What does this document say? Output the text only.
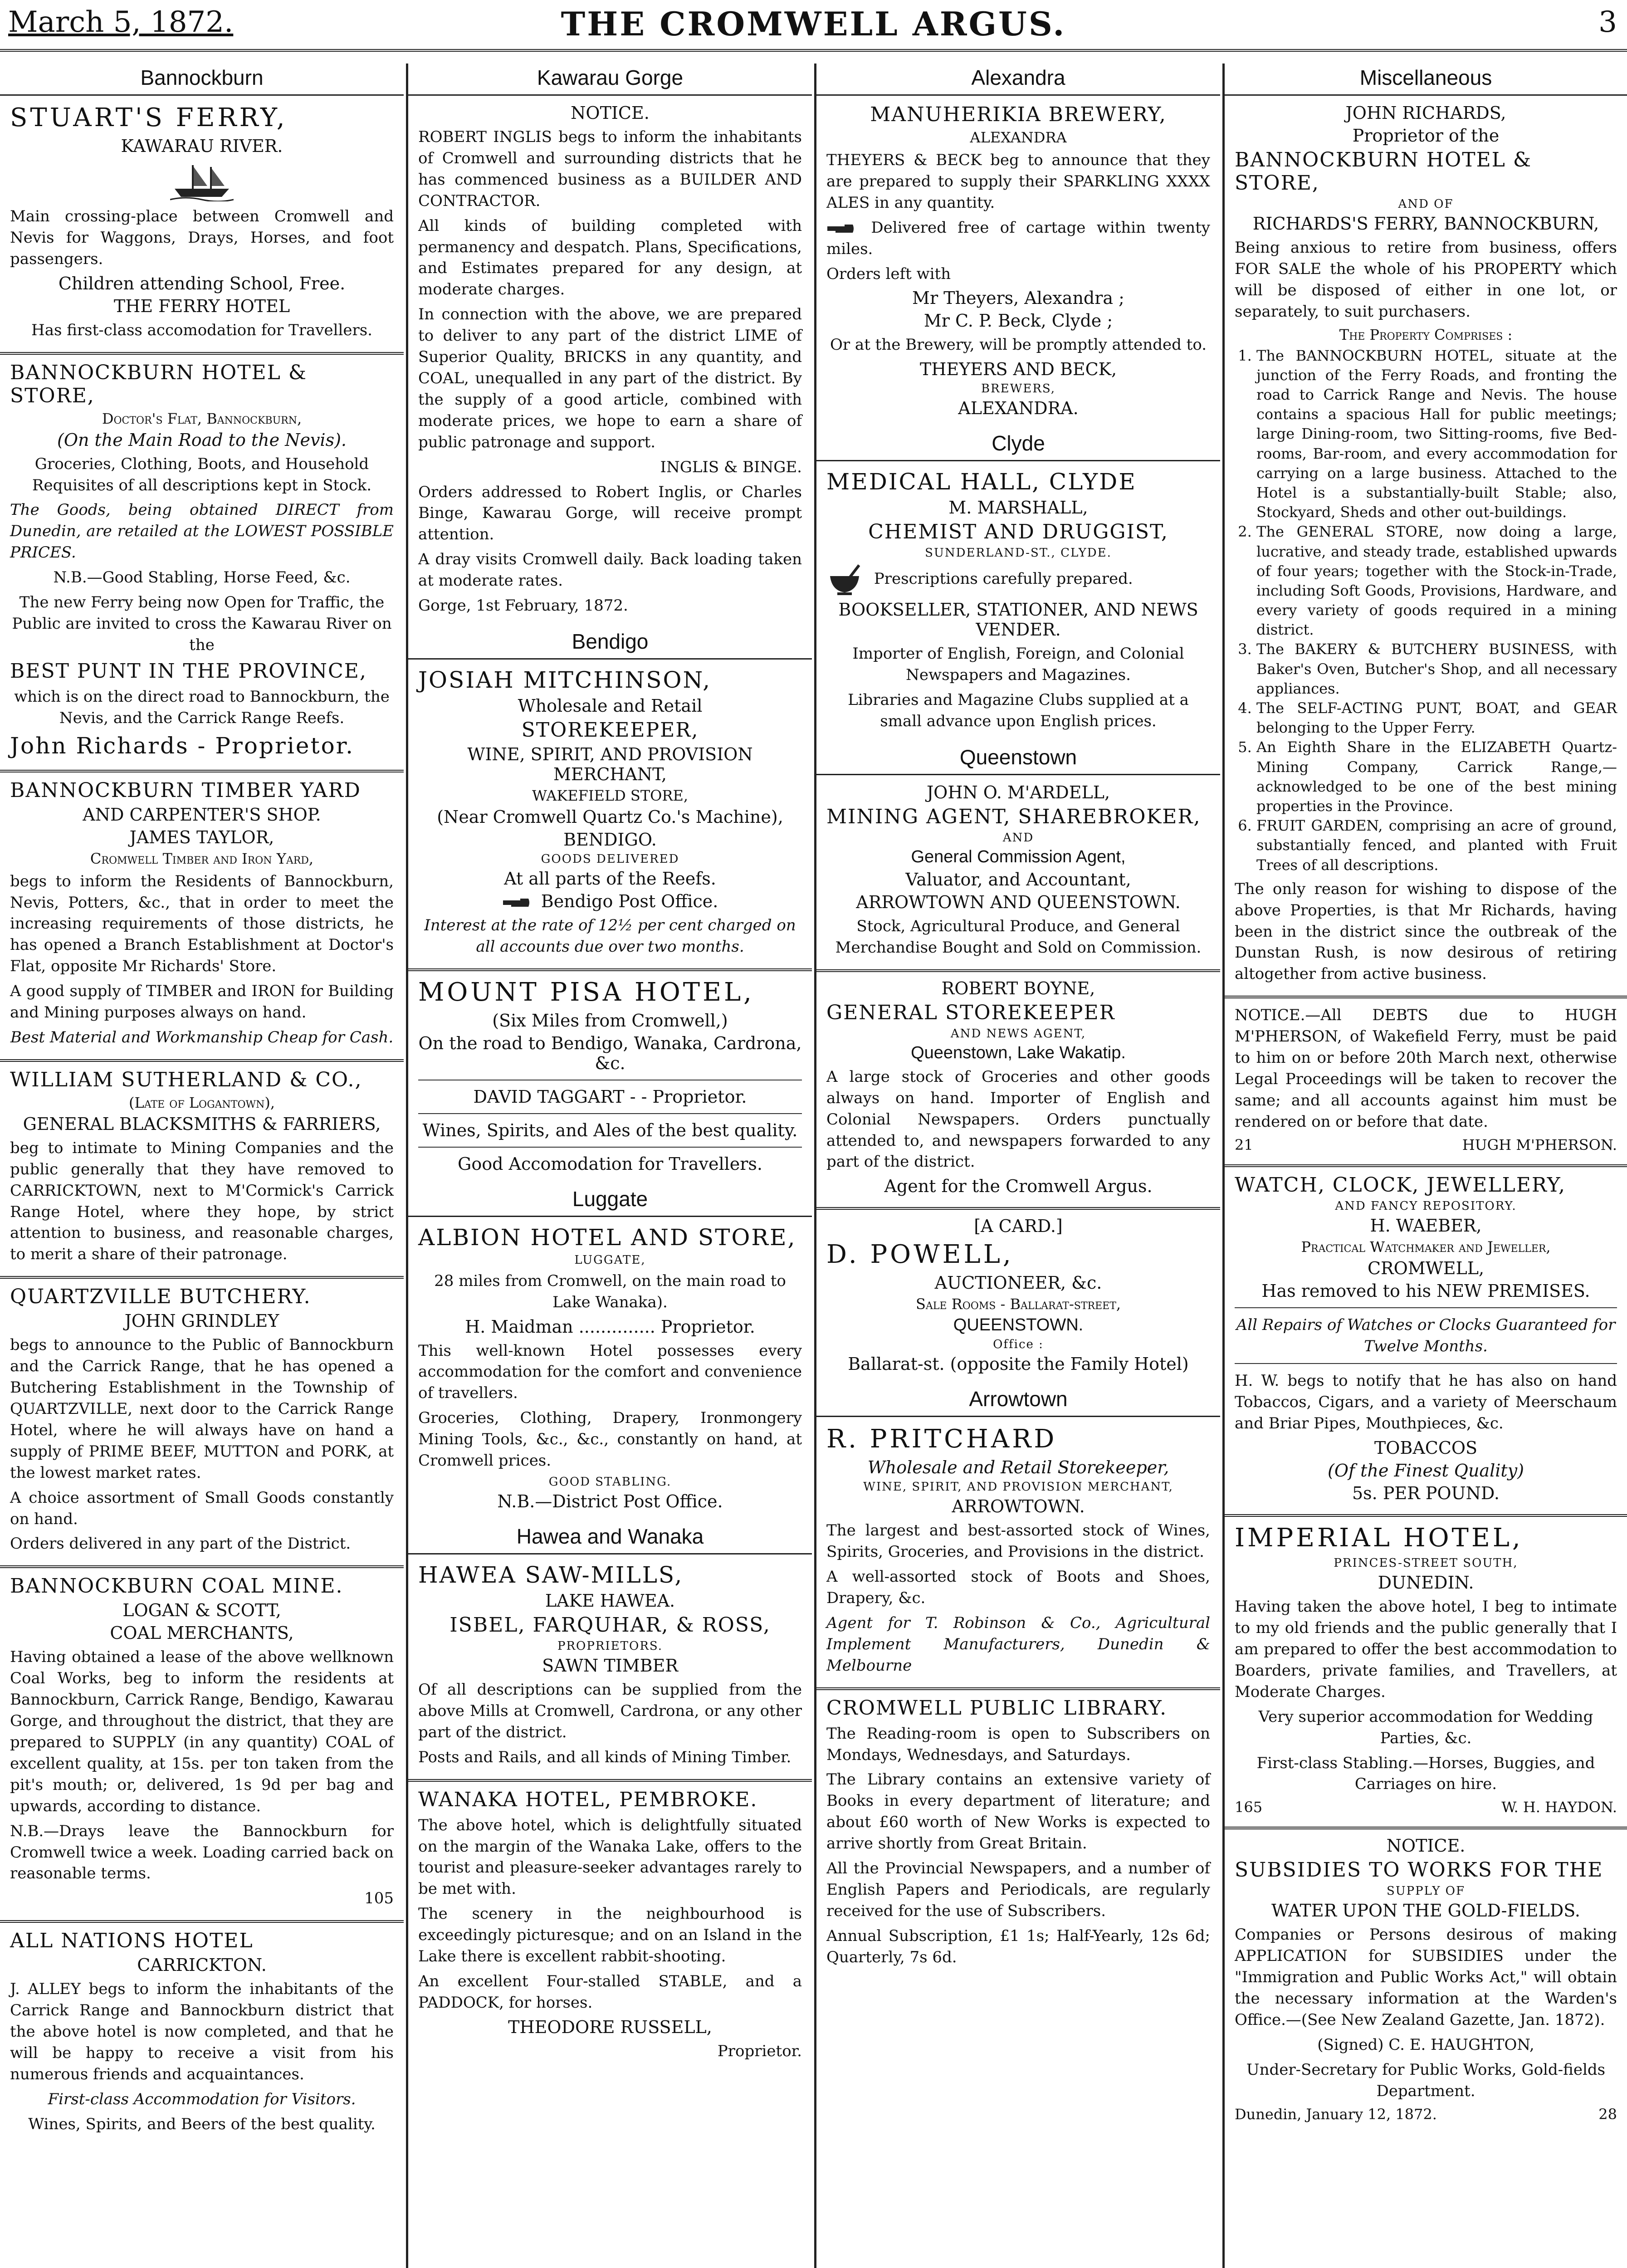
March 5, 1872.	THE CROMWELL ARGUS.	3
Bannockburn
STUART'S FERRY,
KAWARAU RIVER.
Main crossing-place between Cromwell and Nevis for Waggons, Drays, Horses, and foot passengers.
Children attending School, Free.
THE FERRY HOTEL
Has first-class accomodation for Travellers.
BANNOCKBURN HOTEL & STORE,
Doctor's Flat, Bannockburn,
(On the Main Road to the Nevis).
Groceries, Clothing, Boots, and Household Requisites of all descriptions kept in Stock.
The Goods, being obtained DIRECT from Dunedin, are retailed at the LOWEST POSSIBLE PRICES.
N.B.—Good Stabling, Horse Feed, &c.
The new Ferry being now Open for Traffic, the Public are invited to cross the Kawarau River on the
BEST PUNT IN THE PROVINCE,
which is on the direct road to Bannockburn, the Nevis, and the Carrick Range Reefs.
John Richards - Proprietor.
BANNOCKBURN TIMBER YARD
AND CARPENTER'S SHOP.
JAMES TAYLOR,
Cromwell Timber and Iron Yard,
begs to inform the Residents of Bannockburn, Nevis, Potters, &c., that in order to meet the increasing requirements of those districts, he has opened a Branch Establishment at Doctor's Flat, opposite Mr Richards' Store.
A good supply of TIMBER and IRON for Building and Mining purposes always on hand.
Best Material and Workmanship Cheap for Cash.
WILLIAM SUTHERLAND & CO.,
(Late of Logantown),
GENERAL BLACKSMITHS & FARRIERS,
beg to intimate to Mining Companies and the public generally that they have removed to CARRICKTOWN, next to M'Cormick's Carrick Range Hotel, where they hope, by strict attention to business, and reasonable charges, to merit a share of their patronage.
QUARTZVILLE BUTCHERY.
JOHN GRINDLEY
begs to announce to the Public of Bannockburn and the Carrick Range, that he has opened a Butchering Establishment in the Township of QUARTZVILLE, next door to the Carrick Range Hotel, where he will always have on hand a supply of PRIME BEEF, MUTTON and PORK, at the lowest market rates.
A choice assortment of Small Goods constantly on hand.
Orders delivered in any part of the District.
BANNOCKBURN COAL MINE.
LOGAN & SCOTT,
COAL MERCHANTS,
Having obtained a lease of the above wellknown Coal Works, beg to inform the residents at Bannockburn, Carrick Range, Bendigo, Kawarau Gorge, and throughout the district, that they are prepared to SUPPLY (in any quantity) COAL of excellent quality, at 15s. per ton taken from the pit's mouth; or, delivered, 1s 9d per bag and upwards, according to distance.
N.B.—Drays leave the Bannockburn for Cromwell twice a week. Loading carried back on reasonable terms.
105
ALL NATIONS HOTEL
CARRICKTON.
J. ALLEY begs to inform the inhabitants of the Carrick Range and Bannockburn district that the above hotel is now completed, and that he will be happy to receive a visit from his numerous friends and acquaintances.
First-class Accommodation for Visitors.
Wines, Spirits, and Beers of the best quality.
Kawarau Gorge
NOTICE.
ROBERT INGLIS begs to inform the inhabitants of Cromwell and surrounding districts that he has commenced business as a BUILDER AND CONTRACTOR.
All kinds of building completed with permanency and despatch. Plans, Specifications, and Estimates prepared for any design, at moderate charges.
In connection with the above, we are prepared to deliver to any part of the district LIME of Superior Quality, BRICKS in any quantity, and COAL, unequalled in any part of the district. By the supply of a good article, combined with moderate prices, we hope to earn a share of public patronage and support.
INGLIS & BINGE.
Orders addressed to Robert Inglis, or Charles Binge, Kawarau Gorge, will receive prompt attention.
A dray visits Cromwell daily. Back loading taken at moderate rates.
Gorge, 1st February, 1872.
Bendigo
JOSIAH MITCHINSON,
Wholesale and Retail
STOREKEEPER,
WINE, SPIRIT, AND PROVISION MERCHANT,
WAKEFIELD STORE,
(Near Cromwell Quartz Co.'s Machine),
BENDIGO.
GOODS DELIVERED
At all parts of the Reefs.
Bendigo Post Office.
Interest at the rate of 12½ per cent charged on all accounts due over two months.
MOUNT PISA HOTEL,
(Six Miles from Cromwell,)
On the road to Bendigo, Wanaka, Cardrona, &c.
DAVID TAGGART - - Proprietor.
Wines, Spirits, and Ales of the best quality.
Good Accomodation for Travellers.
Luggate
ALBION HOTEL AND STORE,
LUGGATE,
28 miles from Cromwell, on the main road to Lake Wanaka).
H. Maidman .............. Proprietor.
This well-known Hotel possesses every accommodation for the comfort and convenience of travellers.
Groceries, Clothing, Drapery, Ironmongery Mining Tools, &c., &c., constantly on hand, at Cromwell prices.
GOOD STABLING.
N.B.—District Post Office.
Hawea and Wanaka
HAWEA SAW-MILLS,
LAKE HAWEA.
ISBEL, FARQUHAR, & ROSS,
PROPRIETORS.
SAWN TIMBER
Of all descriptions can be supplied from the above Mills at Cromwell, Cardrona, or any other part of the district.
Posts and Rails, and all kinds of Mining Timber.
WANAKA HOTEL, PEMBROKE.
The above hotel, which is delightfully situated on the margin of the Wanaka Lake, offers to the tourist and pleasure-seeker advantages rarely to be met with.
The scenery in the neighbourhood is exceedingly picturesque; and on an Island in the Lake there is excellent rabbit-shooting.
An excellent Four-stalled STABLE, and a PADDOCK, for horses.
THEODORE RUSSELL,
Proprietor.
Alexandra
MANUHERIKIA BREWERY,
ALEXANDRA
THEYERS & BECK beg to announce that they are prepared to supply their SPARKLING XXXX ALES in any quantity.
Delivered free of cartage within twenty miles.
Orders left with
Mr Theyers, Alexandra ;
Mr C. P. Beck, Clyde ;
Or at the Brewery, will be promptly attended to.
THEYERS AND BECK,
BREWERS,
ALEXANDRA.
Clyde
MEDICAL HALL, CLYDE
M. MARSHALL,
CHEMIST AND DRUGGIST,
SUNDERLAND-ST., CLYDE.
Prescriptions carefully prepared.
BOOKSELLER, STATIONER, AND NEWS VENDER.
Importer of English, Foreign, and Colonial Newspapers and Magazines.
Libraries and Magazine Clubs supplied at a small advance upon English prices.
Queenstown
JOHN O. M'ARDELL,
MINING AGENT, SHAREBROKER,
AND
General Commission Agent,
Valuator, and Accountant,
ARROWTOWN AND QUEENSTOWN.
Stock, Agricultural Produce, and General Merchandise Bought and Sold on Commission.
ROBERT BOYNE,
GENERAL STOREKEEPER
AND NEWS AGENT,
Queenstown, Lake Wakatip.
A large stock of Groceries and other goods always on hand. Importer of English and Colonial Newspapers. Orders punctually attended to, and newspapers forwarded to any part of the district.
Agent for the Cromwell Argus.
[A CARD.]
D. POWELL,
AUCTIONEER, &c.
Sale Rooms - Ballarat-street,
QUEENSTOWN.
Office :
Ballarat-st. (opposite the Family Hotel)
Arrowtown
R. PRITCHARD
Wholesale and Retail Storekeeper,
WINE, SPIRIT, AND PROVISION MERCHANT,
ARROWTOWN.
The largest and best-assorted stock of Wines, Spirits, Groceries, and Provisions in the district.
A well-assorted stock of Boots and Shoes, Drapery, &c.
Agent for T. Robinson & Co., Agricultural Implement Manufacturers, Dunedin & Melbourne
CROMWELL PUBLIC LIBRARY.
The Reading-room is open to Subscribers on Mondays, Wednesdays, and Saturdays.
The Library contains an extensive variety of Books in every department of literature; and about £60 worth of New Works is expected to arrive shortly from Great Britain.
All the Provincial Newspapers, and a number of English Papers and Periodicals, are regularly received for the use of Subscribers.
Annual Subscription, £1 1s; Half-Yearly, 12s 6d; Quarterly, 7s 6d.
Miscellaneous
JOHN RICHARDS,
Proprietor of the
BANNOCKBURN HOTEL & STORE,
AND OF
RICHARDS'S FERRY, BANNOCKBURN,
Being anxious to retire from business, offers FOR SALE the whole of his PROPERTY which will be disposed of either in one lot, or separately, to suit purchasers.
The Property Comprises :
1. The BANNOCKBURN HOTEL, situate at the junction of the Ferry Roads, and fronting the road to Carrick Range and Nevis. The house contains a spacious Hall for public meetings; large Dining-room, two Sitting-rooms, five Bed-rooms, Bar-room, and every accommodation for carrying on a large business. Attached to the Hotel is a substantially-built Stable; also, Stockyard, Sheds and other out-buildings.
2. The GENERAL STORE, now doing a large, lucrative, and steady trade, established upwards of four years; together with the Stock-in-Trade, including Soft Goods, Provisions, Hardware, and every variety of goods required in a mining district.
3. The BAKERY & BUTCHERY BUSINESS, with Baker's Oven, Butcher's Shop, and all necessary appliances.
4. The SELF-ACTING PUNT, BOAT, and GEAR belonging to the Upper Ferry.
5. An Eighth Share in the ELIZABETH Quartz-Mining Company, Carrick Range,—acknowledged to be one of the best mining properties in the Province.
6. FRUIT GARDEN, comprising an acre of ground, substantially fenced, and planted with Fruit Trees of all descriptions.
The only reason for wishing to dispose of the above Properties, is that Mr Richards, having been in the district since the outbreak of the Dunstan Rush, is now desirous of retiring altogether from active business.
NOTICE.—All DEBTS due to HUGH M'PHERSON, of Wakefield Ferry, must be paid to him on or before 20th March next, otherwise Legal Proceedings will be taken to recover the same; and all accounts against him must be rendered on or before that date.
21	HUGH M'PHERSON.
WATCH, CLOCK, JEWELLERY,
AND FANCY REPOSITORY.
H. WAEBER,
Practical Watchmaker and Jeweller,
CROMWELL,
Has removed to his NEW PREMISES.
All Repairs of Watches or Clocks Guaranteed for Twelve Months.
H. W. begs to notify that he has also on hand Tobaccos, Cigars, and a variety of Meerschaum and Briar Pipes, Mouthpieces, &c.
TOBACCOS
(Of the Finest Quality)
5s. PER POUND.
IMPERIAL HOTEL,
PRINCES-STREET SOUTH,
DUNEDIN.
Having taken the above hotel, I beg to intimate to my old friends and the public generally that I am prepared to offer the best accommodation to Boarders, private families, and Travellers, at Moderate Charges.
Very superior accommodation for Wedding Parties, &c.
First-class Stabling.—Horses, Buggies, and Carriages on hire.
165	W. H. HAYDON.
NOTICE.
SUBSIDIES TO WORKS FOR THE
SUPPLY OF
WATER UPON THE GOLD-FIELDS.
Companies or Persons desirous of making APPLICATION for SUBSIDIES under the "Immigration and Public Works Act," will obtain the necessary information at the Warden's Office.—(See New Zealand Gazette, Jan. 1872).
(Signed) C. E. HAUGHTON,
Under-Secretary for Public Works, Gold-fields Department.
Dunedin, January 12, 1872.	28
